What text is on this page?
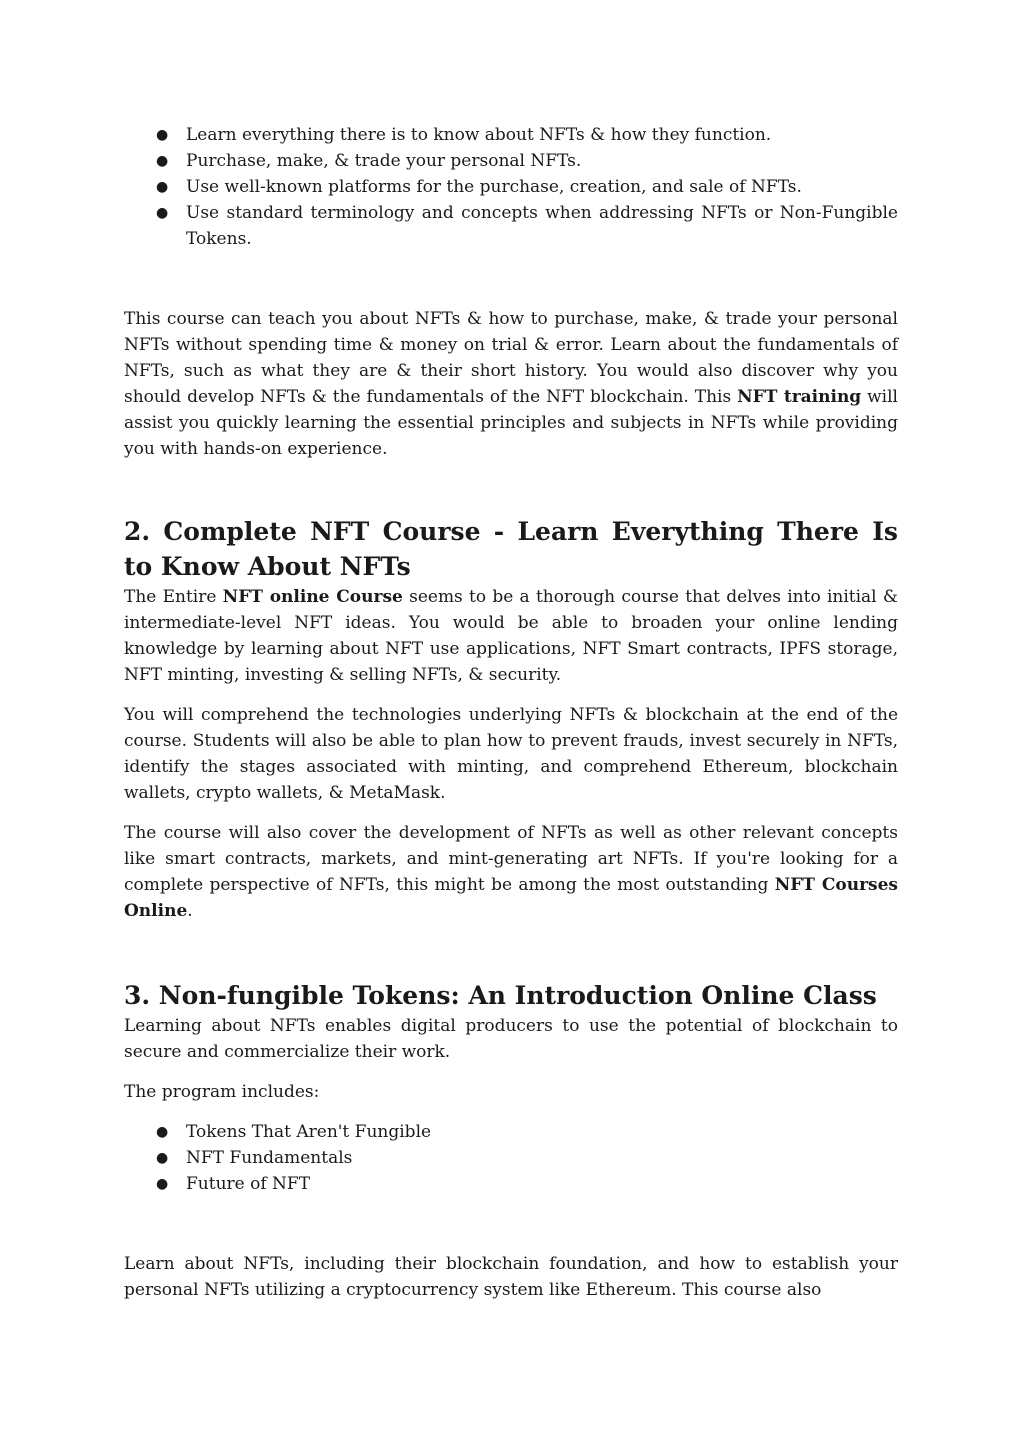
● Learn everything there is to know about NFTs & how they function.
● Purchase, make, & trade your personal NFTs.
● Use well-known platforms for the purchase, creation, and sale of NFTs.
● Use standard terminology and concepts when addressing NFTs or Non-Fungible Tokens.

This course can teach you about NFTs & how to purchase, make, & trade your personal NFTs without spending time & money on trial & error. Learn about the fundamentals of NFTs, such as what they are & their short history. You would also discover why you should develop NFTs & the fundamentals of the NFT blockchain. This NFT training will assist you quickly learning the essential principles and subjects in NFTs while providing you with hands-on experience.

2. Complete NFT Course - Learn Everything There Is to Know About NFTs

The Entire NFT online Course seems to be a thorough course that delves into initial & intermediate-level NFT ideas. You would be able to broaden your online lending knowledge by learning about NFT use applications, NFT Smart contracts, IPFS storage, NFT minting, investing & selling NFTs, & security.

You will comprehend the technologies underlying NFTs & blockchain at the end of the course. Students will also be able to plan how to prevent frauds, invest securely in NFTs, identify the stages associated with minting, and comprehend Ethereum, blockchain wallets, crypto wallets, & MetaMask.

The course will also cover the development of NFTs as well as other relevant concepts like smart contracts, markets, and mint-generating art NFTs. If you're looking for a complete perspective of NFTs, this might be among the most outstanding NFT Courses Online.

3. Non-fungible Tokens: An Introduction Online Class

Learning about NFTs enables digital producers to use the potential of blockchain to secure and commercialize their work.

The program includes:

● Tokens That Aren't Fungible
● NFT Fundamentals
● Future of NFT

Learn about NFTs, including their blockchain foundation, and how to establish your personal NFTs utilizing a cryptocurrency system like Ethereum. This course also
